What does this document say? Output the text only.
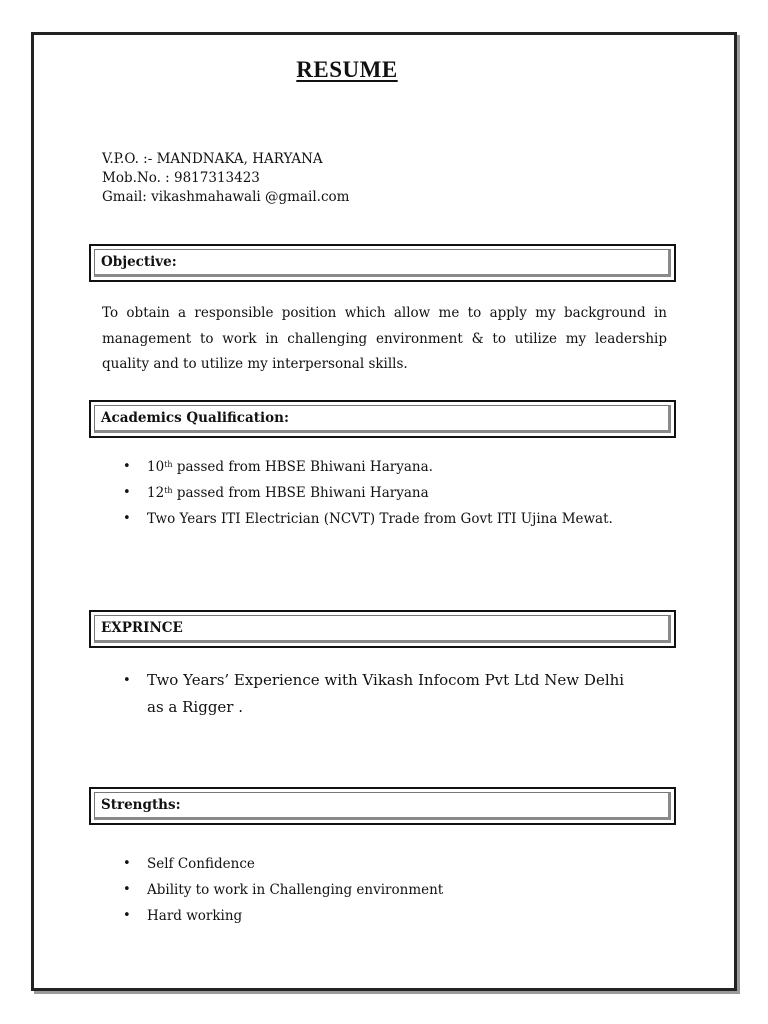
RESUME
V.P.O. :- MANDNAKA, HARYANA
Mob.No. : 9817313423
Gmail: vikashmahawali @gmail.com
Objective:
To obtain a responsible position which allow me to apply my background in management to work in challenging environment & to utilize my leadership quality and to utilize my interpersonal skills.
Academics Qualification:
• 10th passed from HBSE Bhiwani Haryana.
• 12th passed from HBSE Bhiwani Haryana
• Two Years ITI Electrician (NCVT) Trade from Govt ITI Ujina Mewat.
EXPRINCE
• Two Years’ Experience with Vikash Infocom Pvt Ltd New Delhi as a Rigger .
Strengths:
• Self Confidence
• Ability to work in Challenging environment
• Hard working
